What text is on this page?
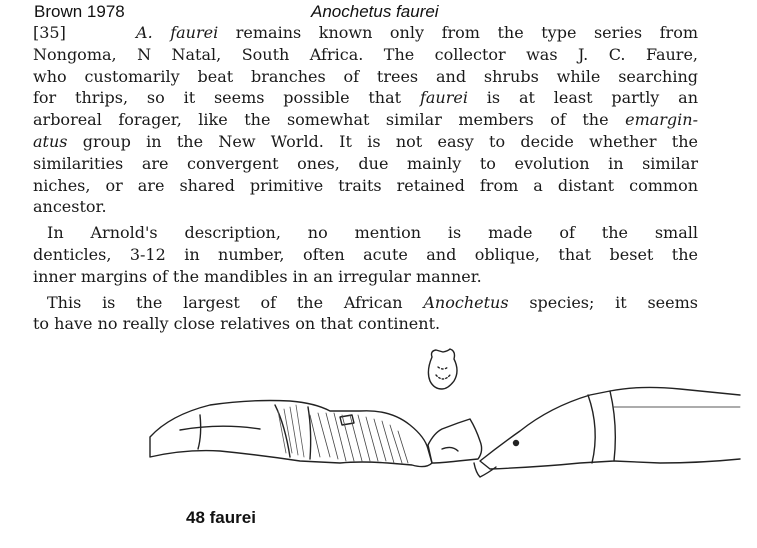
Brown 1978	Anochetus faurei
[35]	A. faurei remains known only from the type series from
Nongoma, N Natal, South Africa. The collector was J. C. Faure,
who customarily beat branches of trees and shrubs while searching
for thrips, so it seems possible that faurei is at least partly an
arboreal forager, like the somewhat similar members of the emargin-
atus group in the New World. It is not easy to decide whether the
similarities are convergent ones, due mainly to evolution in similar
niches, or are shared primitive traits retained from a distant common
ancestor.
In Arnold's description, no mention is made of the small
denticles, 3-12 in number, often acute and oblique, that beset the
inner margins of the mandibles in an irregular manner.
This is the largest of the African Anochetus species; it seems
to have no really close relatives on that continent.
48 faurei
